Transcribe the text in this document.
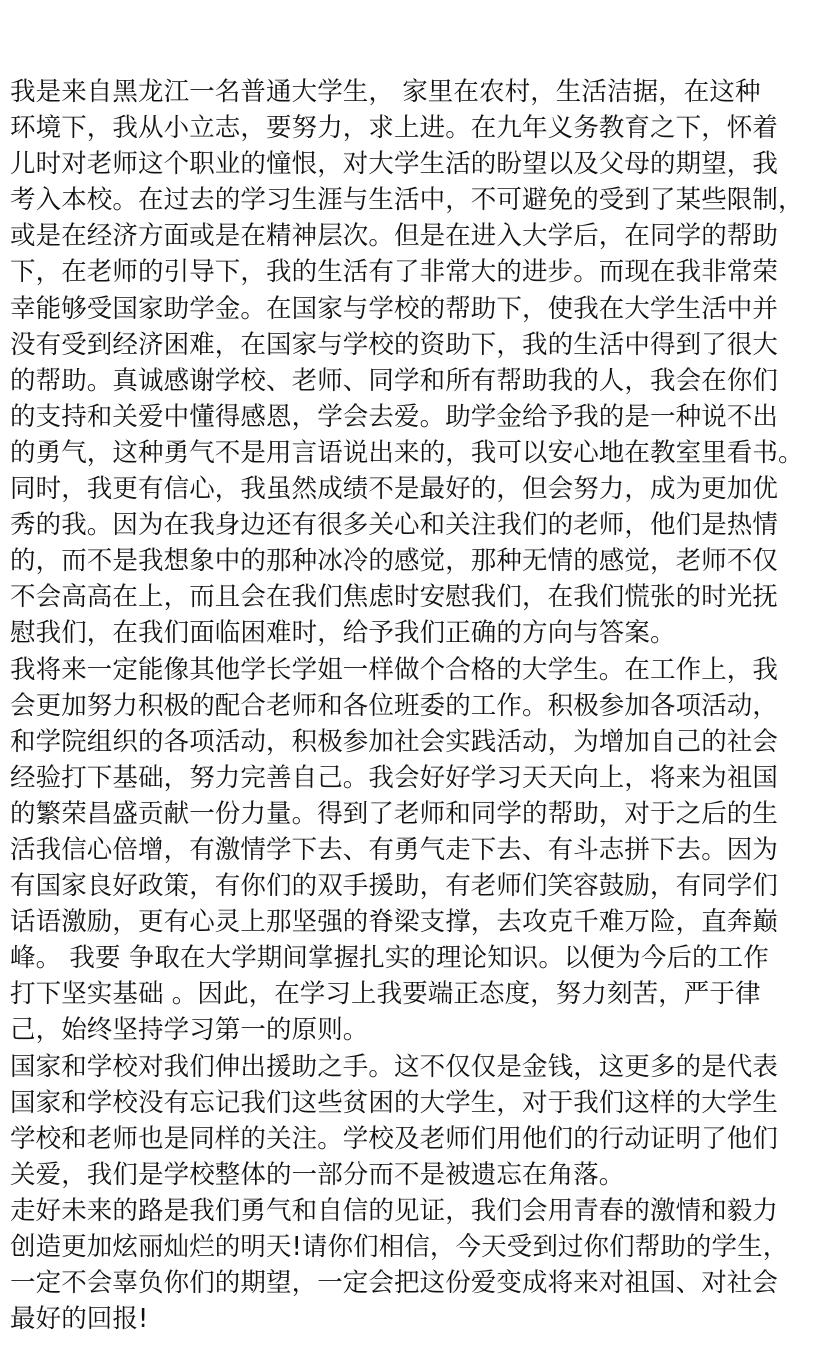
我是来自黑龙江一名普通大学生， 家里在农村，生活洁据，在这种
环境下，我从小立志，要努力，求上进。在九年义务教育之下，怀着
儿时对老师这个职业的憧恨，对大学生活的盼望以及父母的期望，我
考入本校。在过去的学习生涯与生活中，不可避免的受到了某些限制，
或是在经济方面或是在精神层次。但是在进入大学后，在同学的帮助
下，在老师的引导下，我的生活有了非常大的进步。而现在我非常荣
幸能够受国家助学金。在国家与学校的帮助下，使我在大学生活中并
没有受到经济困难，在国家与学校的资助下，我的生活中得到了很大
的帮助。真诚感谢学校、老师、同学和所有帮助我的人，我会在你们
的支持和关爱中懂得感恩，学会去爱。助学金给予我的是一种说不出
的勇气，这种勇气不是用言语说出来的，我可以安心地在教室里看书。
同时，我更有信心，我虽然成绩不是最好的，但会努力，成为更加优
秀的我。因为在我身边还有很多关心和关注我们的老师，他们是热情
的，而不是我想象中的那种冰冷的感觉，那种无情的感觉，老师不仅
不会高高在上，而且会在我们焦虑时安慰我们，在我们慌张的时光抚
慰我们，在我们面临困难时，给予我们正确的方向与答案。
我将来一定能像其他学长学姐一样做个合格的大学生。在工作上，我
会更加努力积极的配合老师和各位班委的工作。积极参加各项活动，
和学院组织的各项活动，积极参加社会实践活动，为增加自己的社会
经验打下基础，努力完善自己。我会好好学习天天向上，将来为祖国
的繁荣昌盛贡献一份力量。得到了老师和同学的帮助，对于之后的生
活我信心倍增，有激情学下去、有勇气走下去、有斗志拼下去。因为
有国家良好政策，有你们的双手援助，有老师们笑容鼓励，有同学们
话语激励，更有心灵上那坚强的脊梁支撑，去攻克千难万险，直奔巅
峰。 我要 争取在大学期间掌握扎实的理论知识。以便为今后的工作
打下坚实基础 。因此，在学习上我要端正态度，努力刻苦，严于律
己，始终坚持学习第一的原则。
国家和学校对我们伸出援助之手。这不仅仅是金钱，这更多的是代表
国家和学校没有忘记我们这些贫困的大学生，对于我们这样的大学生
学校和老师也是同样的关注。学校及老师们用他们的行动证明了他们
关爱，我们是学校整体的一部分而不是被遗忘在角落。
走好未来的路是我们勇气和自信的见证，我们会用青春的激情和毅力
创造更加炫丽灿烂的明天!请你们相信，今天受到过你们帮助的学生，
一定不会辜负你们的期望，一定会把这份爱变成将来对祖国、对社会
最好的回报!
